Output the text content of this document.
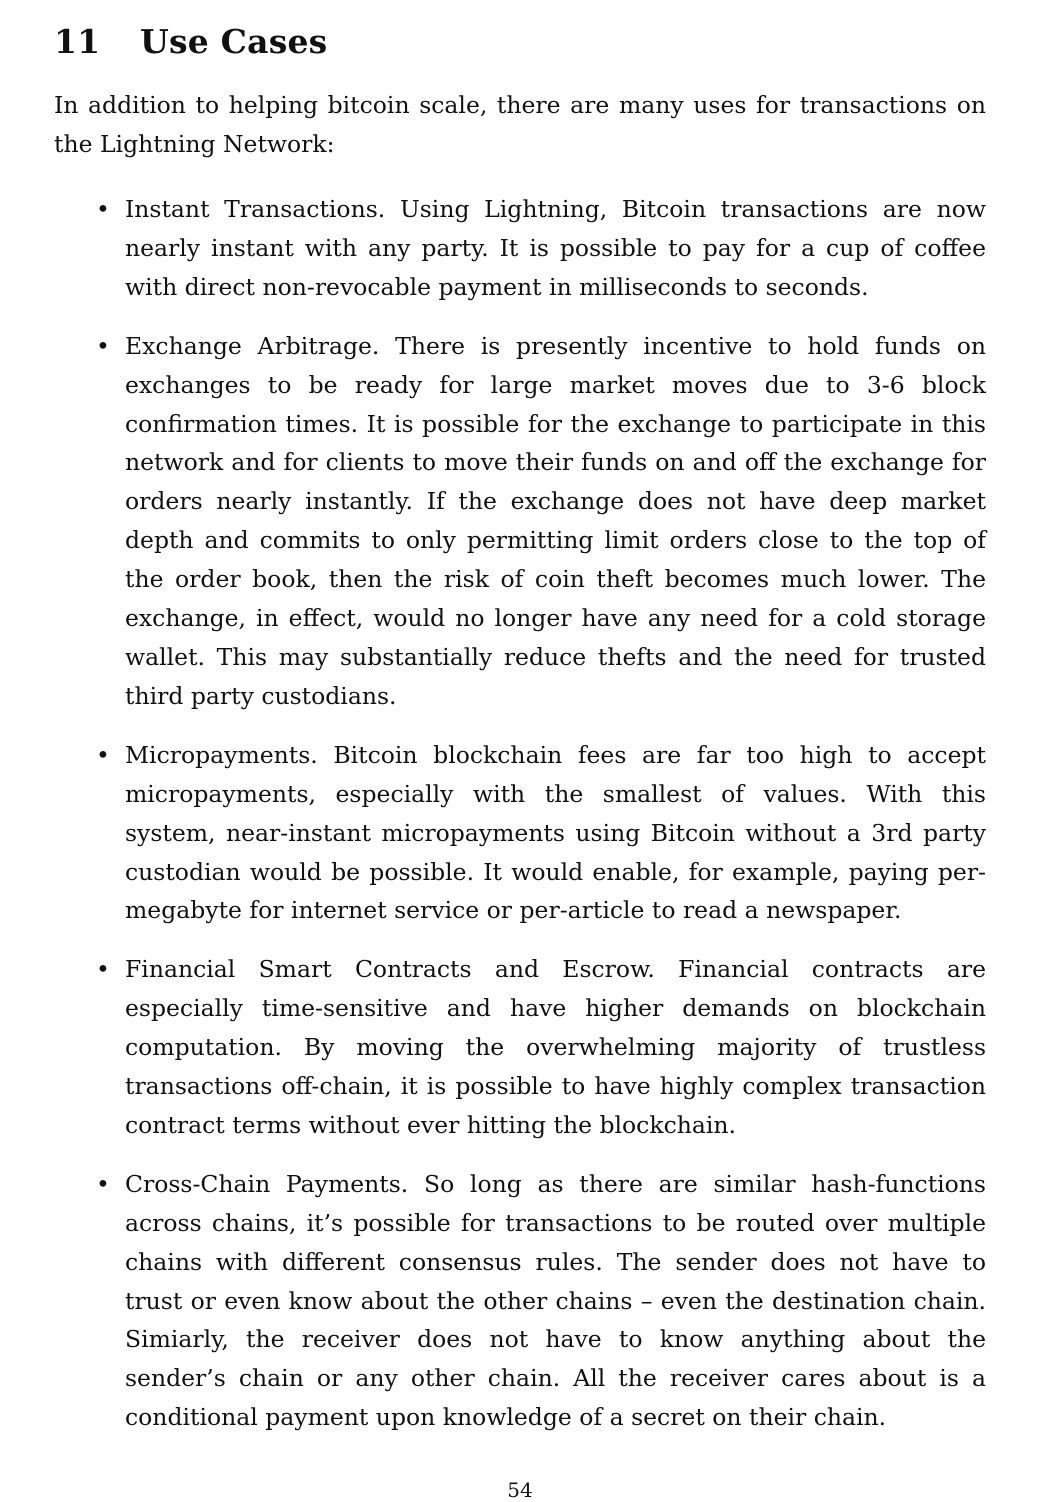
11 Use Cases

In addition to helping bitcoin scale, there are many uses for transactions on the Lightning Network:

• Instant Transactions. Using Lightning, Bitcoin transactions are now nearly instant with any party. It is possible to pay for a cup of coffee with direct non-revocable payment in milliseconds to seconds.
• Exchange Arbitrage. There is presently incentive to hold funds on exchanges to be ready for large market moves due to 3-6 block confirmation times. It is possible for the exchange to participate in this network and for clients to move their funds on and off the exchange for orders nearly instantly. If the exchange does not have deep market depth and commits to only permitting limit orders close to the top of the order book, then the risk of coin theft becomes much lower. The exchange, in effect, would no longer have any need for a cold storage wallet. This may substantially reduce thefts and the need for trusted third party custodians.
• Micropayments. Bitcoin blockchain fees are far too high to accept micropayments, especially with the smallest of values. With this system, near-instant micropayments using Bitcoin without a 3rd party custodian would be possible. It would enable, for example, paying per-megabyte for internet service or per-article to read a newspaper.
• Financial Smart Contracts and Escrow. Financial contracts are especially time-sensitive and have higher demands on blockchain computation. By moving the overwhelming majority of trustless transactions off-chain, it is possible to have highly complex transaction contract terms without ever hitting the blockchain.
• Cross-Chain Payments. So long as there are similar hash-functions across chains, it’s possible for transactions to be routed over multiple chains with different consensus rules. The sender does not have to trust or even know about the other chains – even the destination chain. Simiarly, the receiver does not have to know anything about the sender’s chain or any other chain. All the receiver cares about is a conditional payment upon knowledge of a secret on their chain.
54
